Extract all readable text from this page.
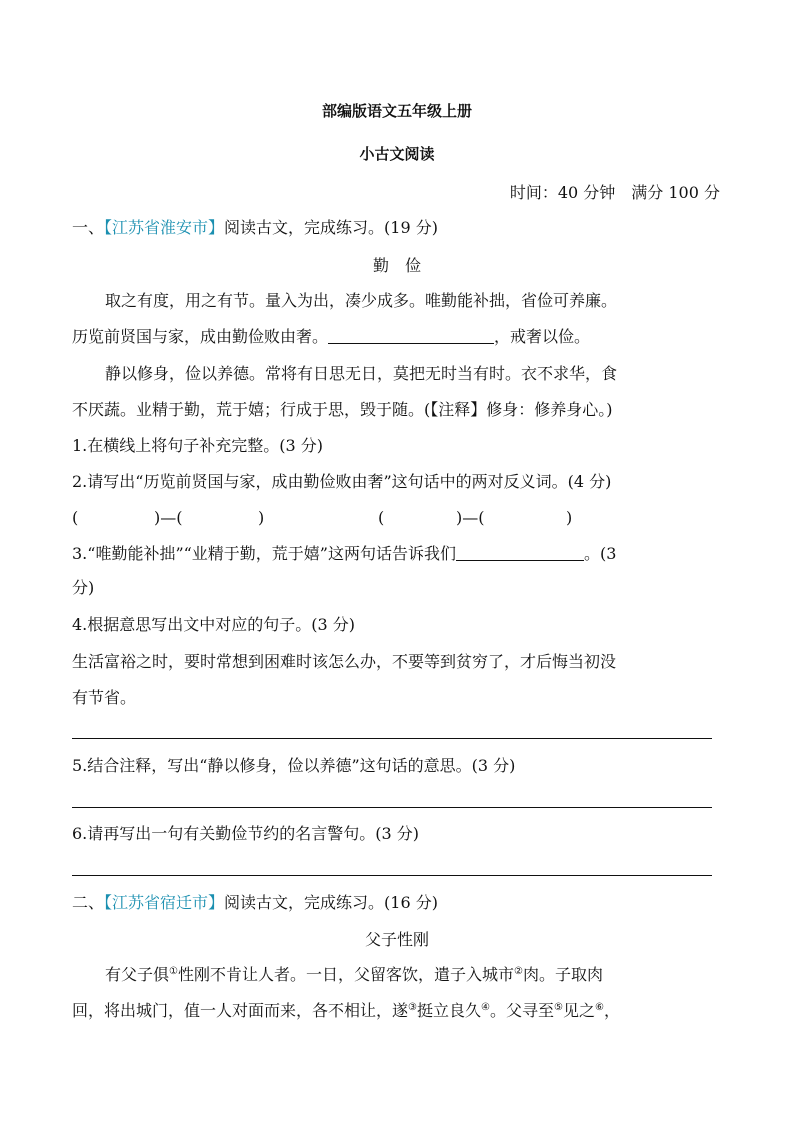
部编版语文五年级上册
小古文阅读
时间：40 分钟　满分 100 分
一、【江苏省淮安市】阅读古文，完成练习。(19 分)
勤　俭
取之有度，用之有节。量入为出，凑少成多。唯勤能补拙，省俭可养廉。
历览前贤国与家，成由勤俭败由奢。	，戒奢以俭。
静以修身，俭以养德。常将有日思无日，莫把无时当有时。衣不求华，食
不厌蔬。业精于勤，荒于嬉；行成于思，毁于随。(【注释】修身：修养身心。)
1.在横线上将句子补充完整。(3 分)
2.请写出“历览前贤国与家，成由勤俭败由奢”这句话中的两对反义词。(4 分)
(	)—(	)	(	)—(	)
3.“唯勤能补拙”“业精于勤，荒于嬉”这两句话告诉我们	。(3
分)
4.根据意思写出文中对应的句子。(3 分)
生活富裕之时，要时常想到困难时该怎么办，不要等到贫穷了，才后悔当初没
有节省。
5.结合注释，写出“静以修身，俭以养德”这句话的意思。(3 分)
6.请再写出一句有关勤俭节约的名言警句。(3 分)
二、【江苏省宿迁市】阅读古文，完成练习。(16 分)
父子性刚
有父子俱①性刚不肯让人者。一日，父留客饮，遣子入城市②肉。子取肉
回，将出城门，值一人对面而来，各不相让，遂③挺立良久④。父寻至⑤见之⑥，
